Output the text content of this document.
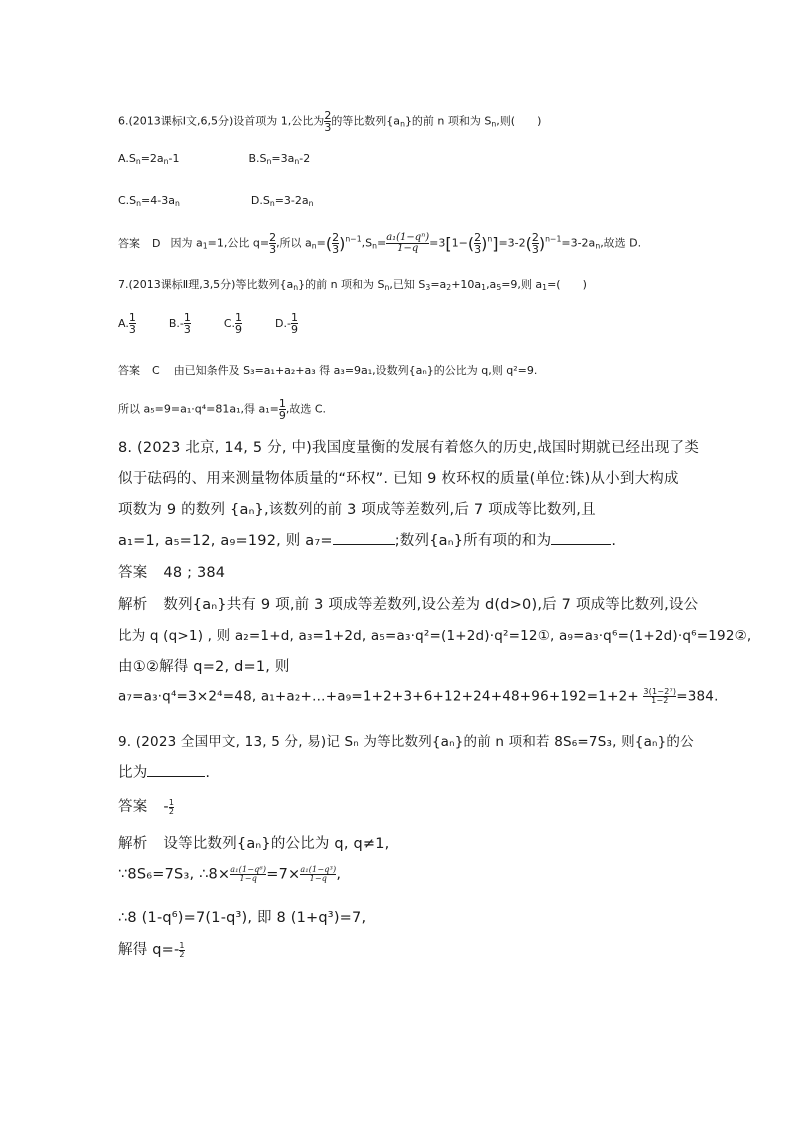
6.(2013课标Ⅰ文,6,5分)设首项为 1,公比为 $\frac{2}{3}$ 的等比数列$\{a_n\}$的前 n 项和为 $S_n$,则( )
$A.S_n=2a_n-1$	$B.S_n=3a_n-2$
$C.S_n=4-3a_n$	$D.S_n=3-2a_n$
答案 D 因为 $a_1=1$,公比 $q= \frac{2}{3}$ ,所以 $a_n=( \frac{2}{3} )^{n-1},S_n= \frac{\text{a₁(1−qⁿ)}}{1-q} =3[1-( \frac{2}{3} )^n]=3-2( \frac{2}{3} )^{n-1}=3-2a_n$,故选 D.
7.(2013课标Ⅱ理,3,5分)等比数列$\{a_n\}$的前 n 项和为 $S_n$,已知 $S_3=a_2+10a_1,a_5=9$,则 $a_1=$( )
A. $\frac{1}{3}$	$B.- \frac{1}{3}$	C. $\frac{1}{9}$	$D.- \frac{1}{9}$
答案 C 由已知条件及 S₃=a₁+a₂+a₃ 得 a₃=9a₁,设数列{aₙ}的公比为 q,则 q²=9.
所以 a₅=9=a₁·q⁴=81a₁,得 $a_1= \frac{1}{9}$ ,故选 C.
8. (2023 北京, 14, 5 分, 中)我国度量衡的发展有着悠久的历史,战国时期就已经出现了类
似于砝码的、用来测量物体质量的“环权”. 已知 9 枚环权的质量(单位:铢)从小到大构成
项数为 9 的数列 {aₙ},该数列的前 3 项成等差数列,后 7 项成等比数列,且
a₁=1, a₅=12, a₉=192, 则 a₇=	;数列{aₙ}所有项的和为	.
答案 48 ; 384
解析 数列{aₙ}共有 9 项,前 3 项成等差数列,设公差为 d(d>0),后 7 项成等比数列,设公
比为 q (q>1) , 则 a₂=1+d, a₃=1+2d, a₅=a₃·q²=(1+2d)·q²=12①, a₉=a₃·q⁶=(1+2d)·q⁶=192②,
由①②解得 q=2, d=1, 则
a₇=a₃·q⁴=3×2⁴=48, a₁+a₂+…+a₉=1+2+3+6+12+24+48+96+192=1+2+ $\frac{\text{3(1−2⁷)}}{1-2} =384$.
9. (2023 全国甲文, 13, 5 分, 易)记 Sₙ 为等比数列{aₙ}的前 n 项和若 8S₆=7S₃, 则{aₙ}的公
比为	.
答案 - $\frac{1}{2}$
解析 设等比数列{aₙ}的公比为 q, q≠1,
∵8S₆=7S₃, ∴8× $\frac{\text{a₁(1−q⁶)}}{1-q} =7\times \frac{\text{a₁(1−q³)}}{1-q}$ ,
∴8 (1-q⁶)=7(1-q³), 即 8 (1+q³)=7,
解得 $q=- \frac{1}{2}$
